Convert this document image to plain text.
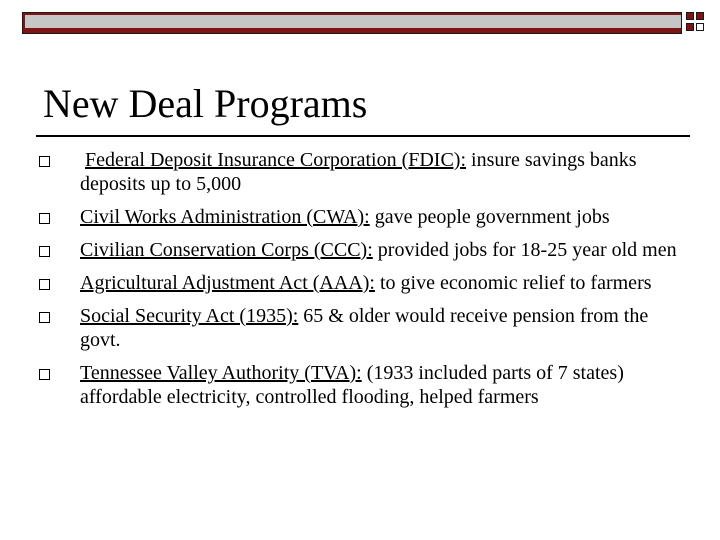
New Deal Programs
Federal Deposit Insurance Corporation (FDIC): insure savings banks deposits up to 5,000
Civil Works Administration (CWA): gave people government jobs
Civilian Conservation Corps (CCC): provided jobs for 18-25 year old men
Agricultural Adjustment Act (AAA): to give economic relief to farmers
Social Security Act (1935): 65 & older would receive pension from the govt.
Tennessee Valley Authority (TVA): (1933 included parts of 7 states) affordable electricity, controlled flooding, helped farmers
